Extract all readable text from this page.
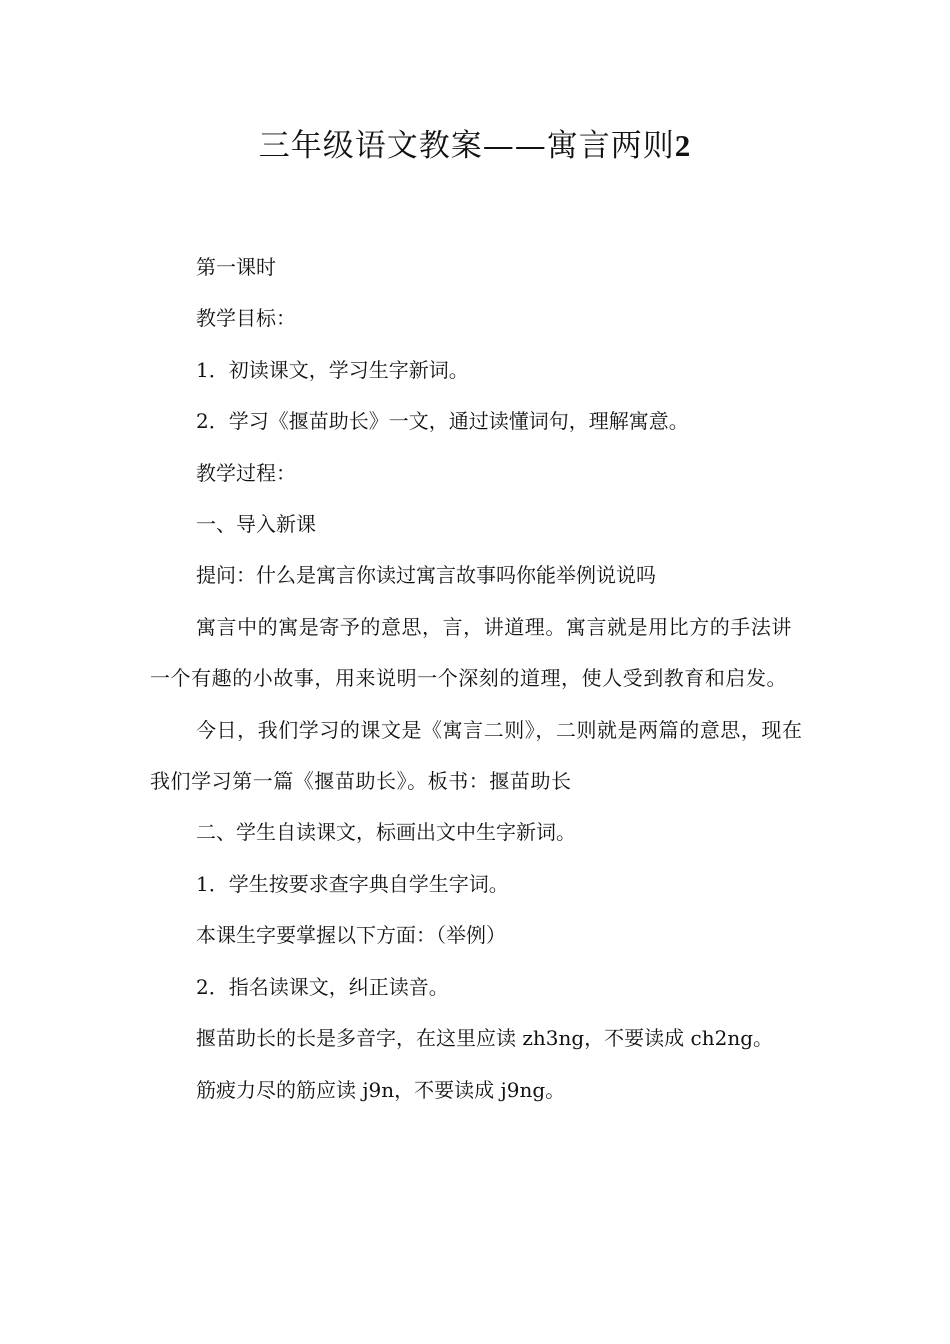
三年级语文教案——寓言两则2

第一课时

教学目标：

1．初读课文，学习生字新词。

2．学习《揠苗助长》一文，通过读懂词句，理解寓意。

教学过程：

一、导入新课

提问：什么是寓言你读过寓言故事吗你能举例说说吗

寓言中的寓是寄予的意思，言，讲道理。寓言就是用比方的手法讲一个有趣的小故事，用来说明一个深刻的道理，使人受到教育和启发。

今日，我们学习的课文是《寓言二则》，二则就是两篇的意思，现在我们学习第一篇《揠苗助长》。板书：揠苗助长

二、学生自读课文，标画出文中生字新词。

1．学生按要求查字典自学生字词。

本课生字要掌握以下方面：（举例）

2．指名读课文，纠正读音。

揠苗助长的长是多音字，在这里应读 zh3ng，不要读成 ch2ng。

筋疲力尽的筋应读 j9n，不要读成 j9ng。
